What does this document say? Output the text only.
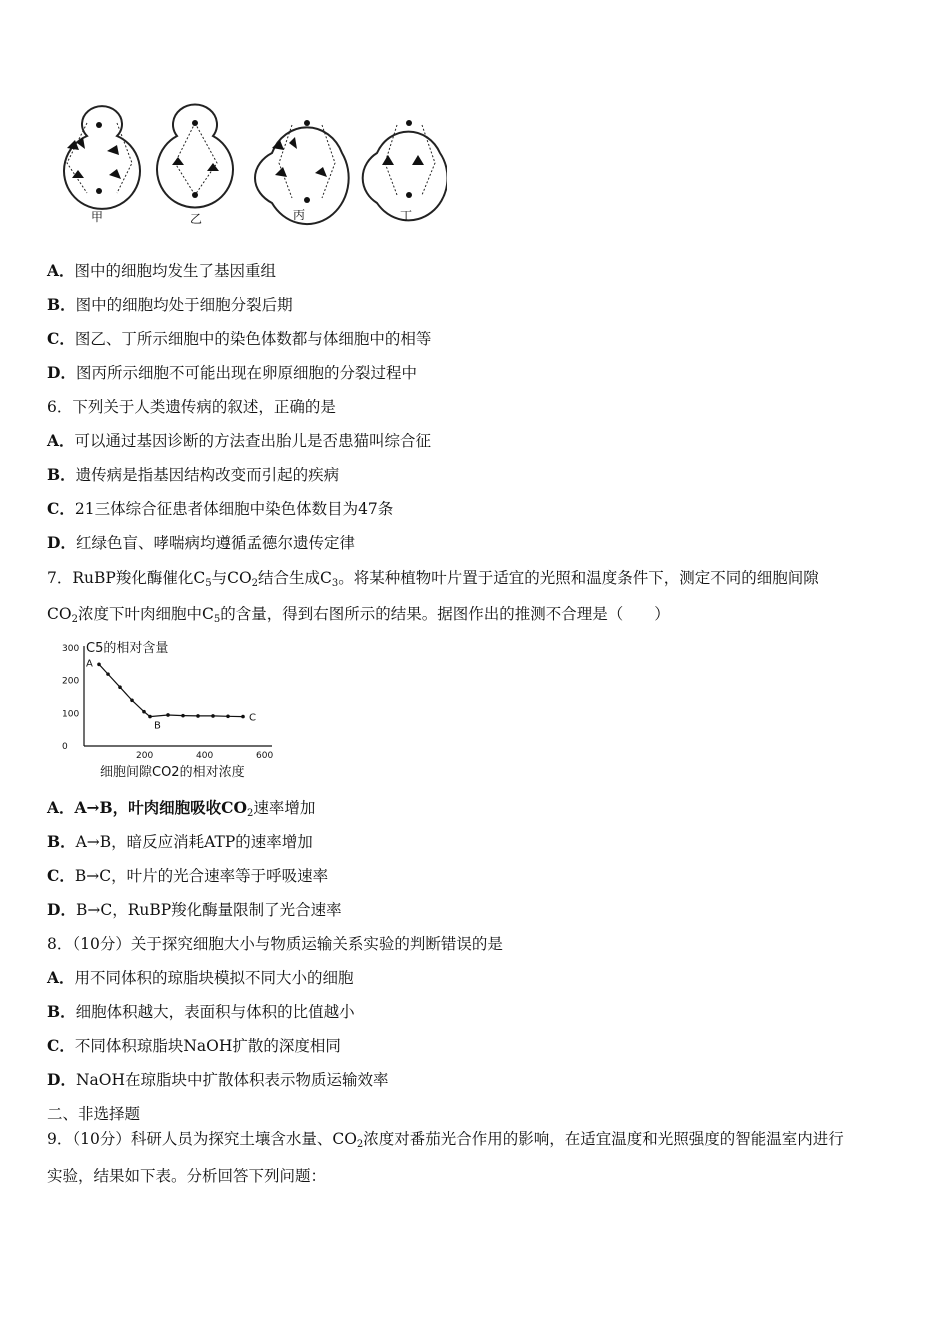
甲	乙	丙	丁
A．图中的细胞均发生了基因重组
B．图中的细胞均处于细胞分裂后期
C．图乙、丁所示细胞中的染色体数都与体细胞中的相等
D．图丙所示细胞不可能出现在卵原细胞的分裂过程中
6．下列关于人类遗传病的叙述，正确的是
A．可以通过基因诊断的方法查出胎儿是否患猫叫综合征
B．遗传病是指基因结构改变而引起的疾病
C．21三体综合征患者体细胞中染色体数目为47条
D．红绿色盲、哮喘病均遵循孟德尔遗传定律
7．RuBP羧化酶催化$C_5$与$CO_2$结合生成$C_3$。将某种植物叶片置于适宜的光照和温度条件下，测定不同的细胞间隙
$CO_2$浓度下叶肉细胞中$C_5$的含量，得到右图所示的结果。据图作出的推测不合理是（　　）
C5的相对含量
细胞间隙CO2的相对浓度
0
100
200
300
200	400	600
A
B
C
A．A→B，叶肉细胞吸收$CO_2$速率增加
B．A→B，暗反应消耗ATP的速率增加
C．B→C，叶片的光合速率等于呼吸速率
D．B→C，RuBP羧化酶量限制了光合速率
8．（10分）关于探究细胞大小与物质运输关系实验的判断错误的是
A．用不同体积的琼脂块模拟不同大小的细胞
B．细胞体积越大，表面积与体积的比值越小
C．不同体积琼脂块NaOH扩散的深度相同
D．NaOH在琼脂块中扩散体积表示物质运输效率
二、非选择题
9．（10分）科研人员为探究土壤含水量、$CO_2$浓度对番茄光合作用的影响，在适宜温度和光照强度的智能温室内进行
实验，结果如下表。分析回答下列问题：
